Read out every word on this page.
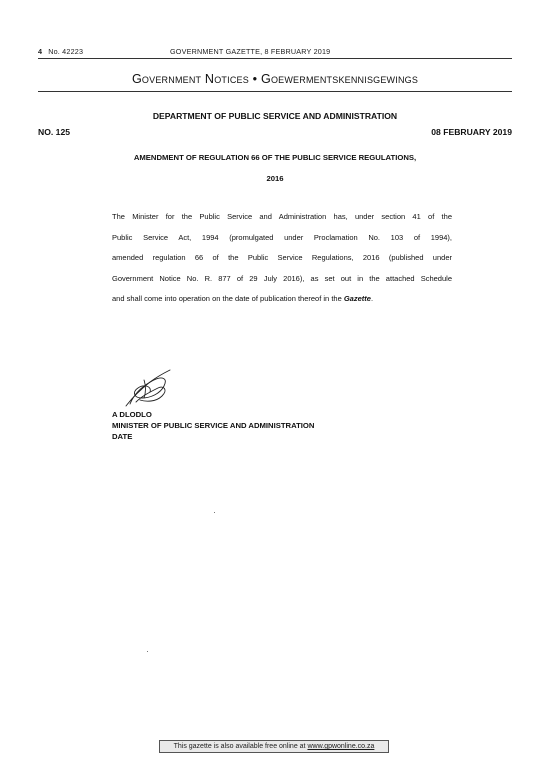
4 No. 42223	GOVERNMENT GAZETTE, 8 FEBRUARY 2019
Government Notices • Goewermentskennisgewings
DEPARTMENT OF PUBLIC SERVICE AND ADMINISTRATION
NO. 125	08 FEBRUARY 2019
AMENDMENT OF REGULATION 66 OF THE PUBLIC SERVICE REGULATIONS,
2016
The Minister for the Public Service and Administration has, under section 41 of the
Public Service Act, 1994 (promulgated under Proclamation No. 103 of 1994),
amended regulation 66 of the Public Service Regulations, 2016 (published under
Government Notice No. R. 877 of 29 July 2016), as set out in the attached Schedule
and shall come into operation on the date of publication thereof in the Gazette.
A DLODLO
MINISTER OF PUBLIC SERVICE AND ADMINISTRATION
DATE
This gazette is also available free online at www.gpwonline.co.za
